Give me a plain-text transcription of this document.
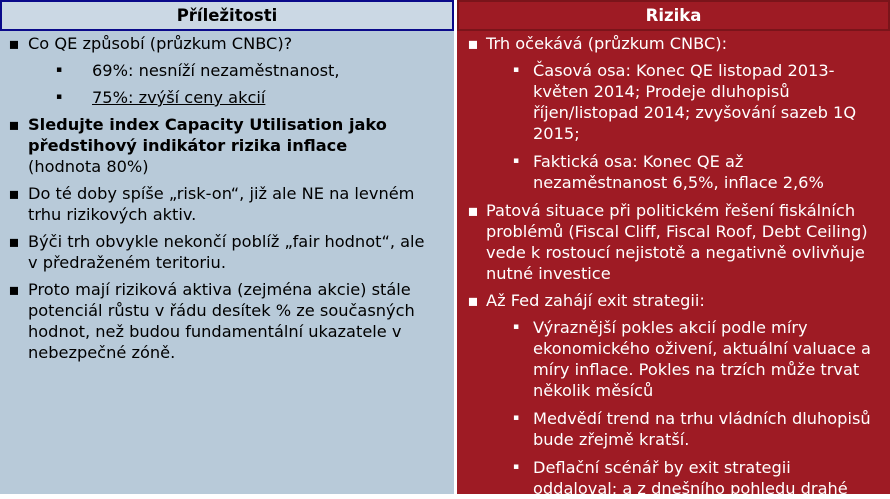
Příležitosti
▪ Co QE způsobí (průzkum CNBC)?
▪ 69%: nesníží nezaměstnanost,
▪ 75%: zvýší ceny akcií
▪ Sledujte index Capacity Utilisation jako předstihový indikátor rizika inflace
(hodnota 80%)
▪ Do té doby spíše „risk-on“, již ale NE na levném trhu rizikových aktiv.
▪ Býči trh obvykle nekončí poblíž „fair hodnot“, ale v předraženém teritoriu.
▪ Proto mají riziková aktiva (zejména akcie) stále potenciál růstu v řádu desítek % ze současných hodnot, než budou fundamentální ukazatele v nebezpečné zóně.
Rizika
▪ Trh očekává (průzkum CNBC):
▪ Časová osa: Konec QE listopad 2013-květen 2014; Prodeje dluhopisů říjen/listopad 2014; zvyšování sazeb 1Q 2015;
▪ Faktická osa: Konec QE až nezaměstnanost 6,5%, inflace 2,6%
▪ Patová situace při politickém řešení fiskálních problémů (Fiscal Cliff, Fiscal Roof, Debt Ceiling) vede k rostoucí nejistotě a negativně ovlivňuje nutné investice
▪ Až Fed zahájí exit strategii:
▪ Výraznější pokles akcií podle míry ekonomického oživení, aktuální valuace a míry inflace. Pokles na trzích může trvat několik měsíců
▪ Medvědí trend na trhu vládních dluhopisů bude zřejmě kratší.
▪ Deflační scénář by exit strategii oddaloval; a z dnešního pohledu drahé
